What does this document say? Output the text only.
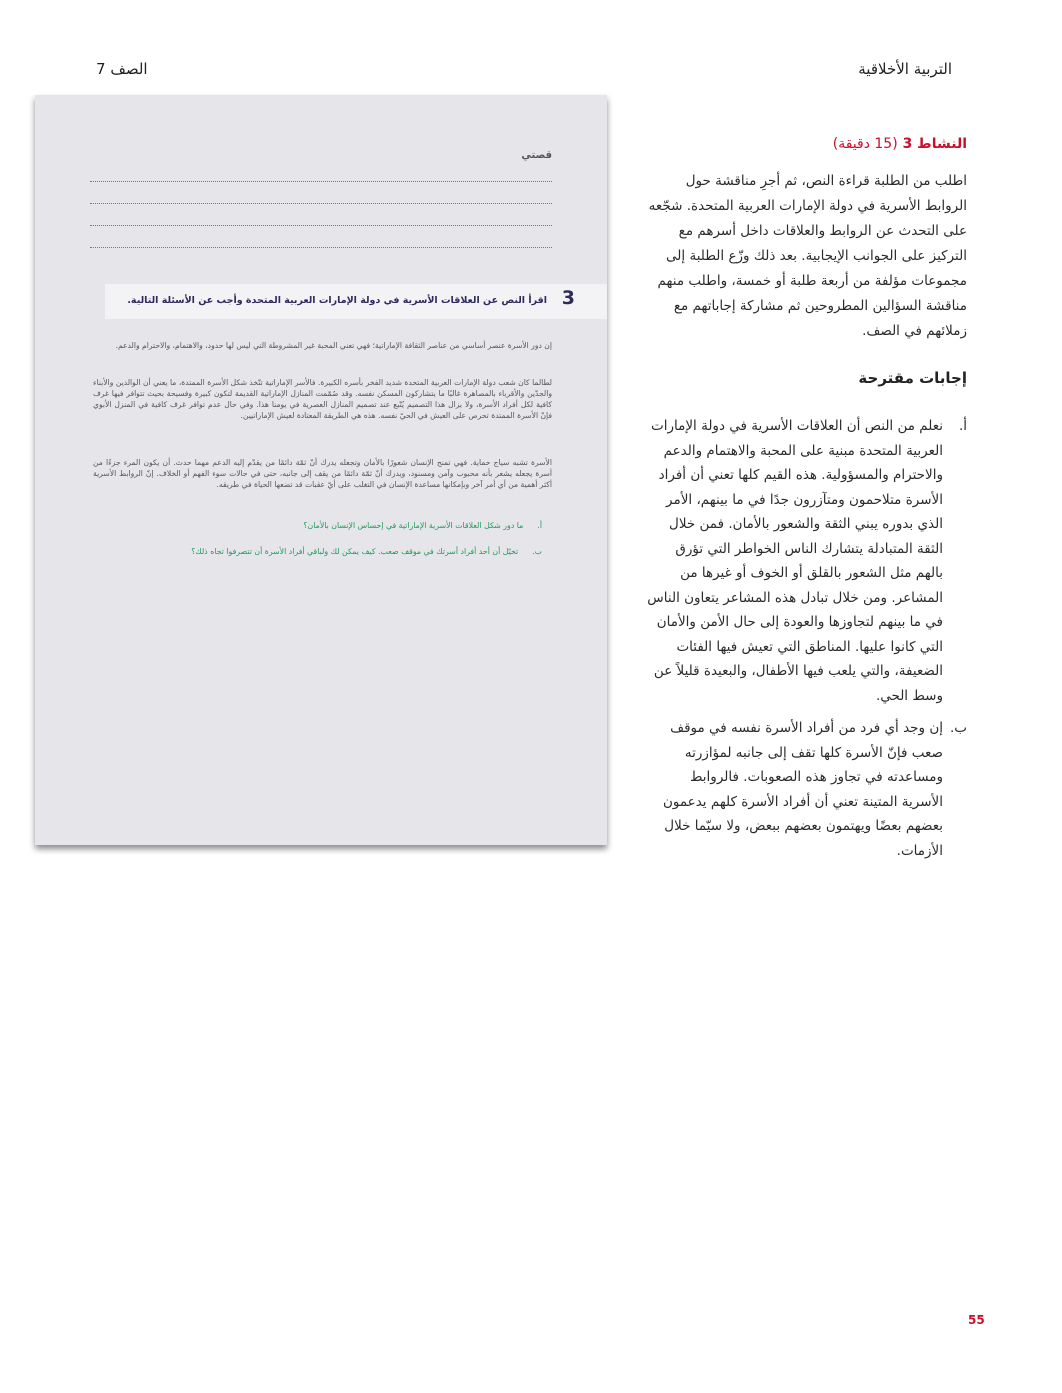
التربية الأخلاقية
الصف 7
النشاط 3 (15 دقيقة)
اطلب من الطلبة قراءة النص، ثم أجرِ مناقشة حول الروابط الأسرية في دولة الإمارات العربية المتحدة. شجّعه على التحدث عن الروابط والعلاقات داخل أسرهم مع التركيز على الجوانب الإيجابية. بعد ذلك وزّع الطلبة إلى مجموعات مؤلفة من أربعة طلبة أو خمسة، واطلب منهم مناقشة السؤالين المطروحين ثم مشاركة إجاباتهم مع زملائهم في الصف.
إجابات مقترحة
أ.
نعلم من النص أن العلاقات الأسرية في دولة الإمارات العربية المتحدة مبنية على المحبة والاهتمام والدعم والاحترام والمسؤولية. هذه القيم كلها تعني أن أفراد الأسرة متلاحمون ومتآزرون جدًا في ما بينهم، الأمر الذي بدوره يبني الثقة والشعور بالأمان. فمن خلال الثقة المتبادلة يتشارك الناس الخواطر التي تؤرق بالهم مثل الشعور بالقلق أو الخوف أو غيرها من المشاعر. ومن خلال تبادل هذه المشاعر يتعاون الناس في ما بينهم لتجاوزها والعودة إلى حال الأمن والأمان التي كانوا عليها. المناطق التي تعيش فيها الفئات الضعيفة، والتي يلعب فيها الأطفال، والبعيدة قليلاً عن وسط الحي.
ب.
إن وجد أي فرد من أفراد الأسرة نفسه في موقف صعب فإنّ الأسرة كلها تقف إلى جانبه لمؤازرته ومساعدته في تجاوز هذه الصعوبات. فالروابط الأسرية المتينة تعني أن أفراد الأسرة كلهم يدعمون بعضهم بعضًا ويهتمون بعضهم ببعض، ولا سيّما خلال الأزمات.
قصتي
3
اقرأ النص عن العلاقات الأسرية في دولة الإمارات العربية المتحدة وأجب عن الأسئلة التالية.
إن دور الأسرة عنصر أساسي من عناصر الثقافة الإماراتية؛ فهي تعني المحبة غير المشروطة التي ليس لها حدود، والاهتمام، والاحترام والدعم.
لطالما كان شعب دولة الإمارات العربية المتحدة شديد الفخر بأسره الكبيرة. فالأسر الإماراتية تتّخذ شكل الأسرة الممتدة، ما يعني أن الوالدين والأبناء والجدّين والأقرباء بالمصاهرة غالبًا ما يتشاركون المسكن نفسه. وقد صُمّمت المنازل الإماراتية القديمة لتكون كبيرة وفسيحة بحيث تتوافر فيها غرف كافية لكل أفراد الأسرة، ولا يزال هذا التصميم يُتّبع عند تصميم المنازل العصرية في يومنا هذا. وفي حال عدم توافر غرف كافية في المنزل الأبوي فإنّ الأسرة الممتدة تحرص على العيش في الحيّ نفسه. هذه هي الطريقة المعتادة لعيش الإماراتيين.
الأسرة تشبه سياج حماية. فهي تمنح الإنسان شعورًا بالأمان وتجعله يدرك أنّ ثمّة دائمًا من يقدّم إليه الدعم مهما حدث. أن يكون المرء جزءًا من أسرة يجعله يشعر بأنه محبوب وآمن ومسنود، ويدرك أنّ ثمّة دائمًا من يقف إلى جانبه، حتى في حالات سوء الفهم أو الخلاف. إنّ الروابط الأسرية أكثر أهمية من أي أمر آخر وبإمكانها مساعدة الإنسان في التغلب على أيّ عقبات قد تضعها الحياة في طريقه.
أ.ما دور شكل العلاقات الأسرية الإماراتية في إحساس الإنسان بالأمان؟
ب.تخيّل أن أحد أفراد أسرتك في موقف صعب. كيف يمكن لك ولباقي أفراد الأسرة أن تتصرفوا تجاه ذلك؟
55
